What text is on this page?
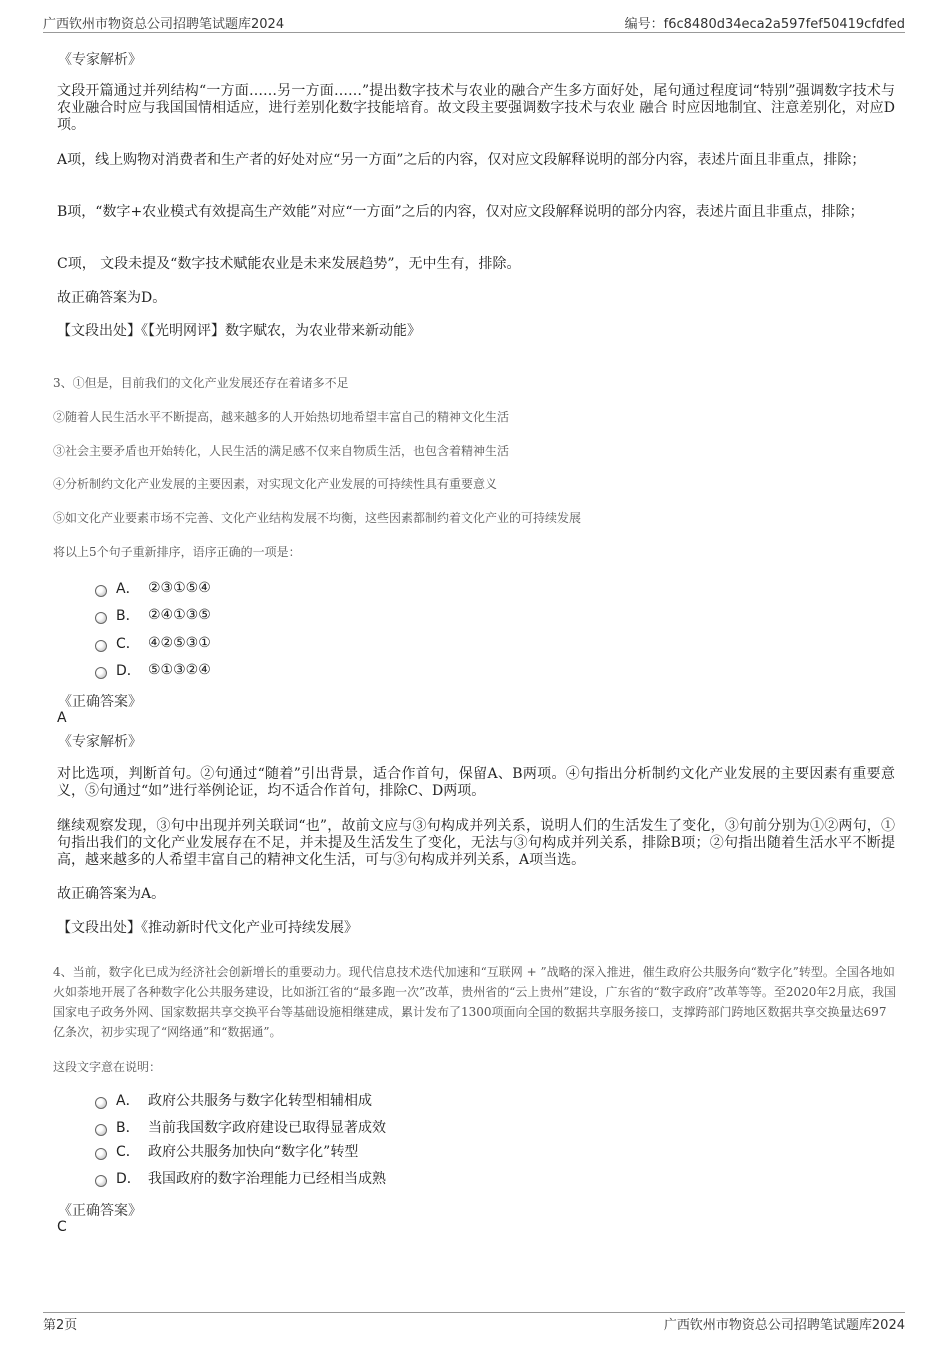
广西钦州市物资总公司招聘笔试题库2024	编号：f6c8480d34eca2a597fef50419cfdfed
《专家解析》
文段开篇通过并列结构“一方面……另一方面……”提出数字技术与农业的融合产生多方面好处，尾句通过程度词“特别”强调数字技术与农业融合时应与我国国情相适应，进行差别化数字技能培育。故文段主要强调数字技术与农业 融合 时应因地制宜、注意差别化，对应D项。
A项，线上购物对消费者和生产者的好处对应“另一方面”之后的内容，仅对应文段解释说明的部分内容，表述片面且非重点，排除；
B项，“数字+农业模式有效提高生产效能”对应“一方面”之后的内容，仅对应文段解释说明的部分内容，表述片面且非重点，排除；
C项， 文段未提及“数字技术赋能农业是未来发展趋势”，无中生有，排除。
故正确答案为D。
【文段出处】《【光明网评】数字赋农，为农业带来新动能》
3、①但是，目前我们的文化产业发展还存在着诸多不足
②随着人民生活水平不断提高，越来越多的人开始热切地希望丰富自己的精神文化生活
③社会主要矛盾也开始转化，人民生活的满足感不仅来自物质生活，也包含着精神生活
④分析制约文化产业发展的主要因素，对实现文化产业发展的可持续性具有重要意义
⑤如文化产业要素市场不完善、文化产业结构发展不均衡，这些因素都制约着文化产业的可持续发展
将以上5个句子重新排序，语序正确的一项是：
A． ②③①⑤④
B． ②④①③⑤
C． ④②⑤③①
D． ⑤①③②④
《正确答案》
A
《专家解析》
对比选项，判断首句。②句通过“随着”引出背景，适合作首句，保留A、B两项。④句指出分析制约文化产业发展的主要因素有重要意义，⑤句通过“如”进行举例论证，均不适合作首句，排除C、D两项。
继续观察发现，③句中出现并列关联词“也”，故前文应与③句构成并列关系，说明人们的生活发生了变化，③句前分别为①②两句，①句指出我们的文化产业发展存在不足，并未提及生活发生了变化，无法与③句构成并列关系，排除B项；②句指出随着生活水平不断提高，越来越多的人希望丰富自己的精神文化生活，可与③句构成并列关系，A项当选。
故正确答案为A。
【文段出处】《推动新时代文化产业可持续发展》
4、当前，数字化已成为经济社会创新增长的重要动力。现代信息技术迭代加速和“互联网 + ”战略的深入推进，催生政府公共服务向“数字化”转型。全国各地如火如荼地开展了各种数字化公共服务建设，比如浙江省的“最多跑一次”改革，贵州省的“云上贵州”建设，广东省的“数字政府”改革等等。至2020年2月底，我国国家电子政务外网、国家数据共享交换平台等基础设施相继建成，累计发布了1300项面向全国的数据共享服务接口，支撑跨部门跨地区数据共享交换量达697亿条次，初步实现了“网络通”和“数据通”。
这段文字意在说明：
A． 政府公共服务与数字化转型相辅相成
B． 当前我国数字政府建设已取得显著成效
C． 政府公共服务加快向“数字化”转型
D． 我国政府的数字治理能力已经相当成熟
《正确答案》
C
第2页	广西钦州市物资总公司招聘笔试题库2024
